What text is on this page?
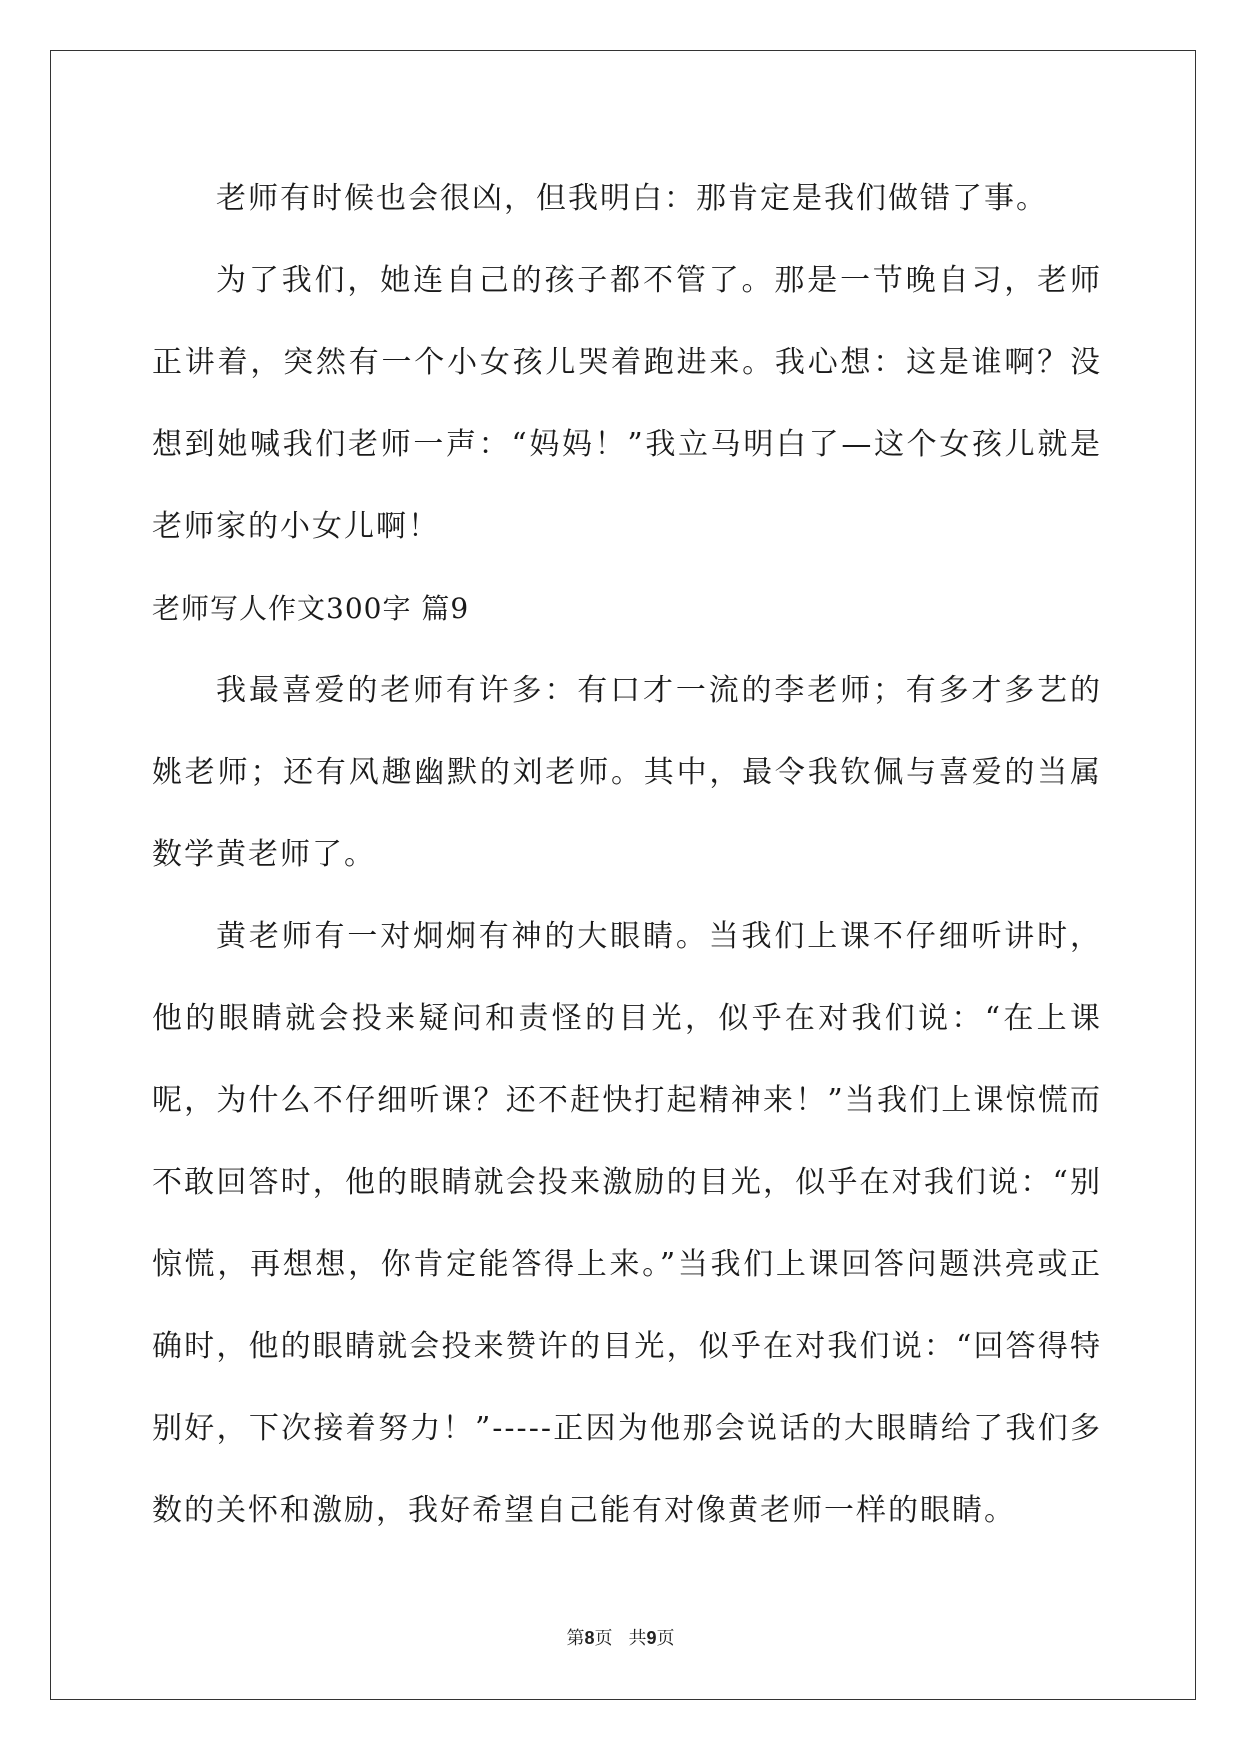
老师有时候也会很凶，但我明白：那肯定是我们做错了事。

为了我们，她连自己的孩子都不管了。那是一节晚自习，老师正讲着，突然有一个小女孩儿哭着跑进来。我心想：这是谁啊？没想到她喊我们老师一声：“妈妈！”我立马明白了—这个女孩儿就是老师家的小女儿啊！

老师写人作文300字 篇9

我最喜爱的老师有许多：有口才一流的李老师；有多才多艺的姚老师；还有风趣幽默的刘老师。其中，最令我钦佩与喜爱的当属数学黄老师了。

黄老师有一对炯炯有神的大眼睛。当我们上课不仔细听讲时，他的眼睛就会投来疑问和责怪的目光，似乎在对我们说：“在上课呢，为什么不仔细听课？还不赶快打起精神来！”当我们上课惊慌而不敢回答时，他的眼睛就会投来激励的目光，似乎在对我们说：“别惊慌，再想想，你肯定能答得上来。”当我们上课回答问题洪亮或正确时，他的眼睛就会投来赞许的目光，似乎在对我们说：“回答得特别好，下次接着努力！”-----正因为他那会说话的大眼睛给了我们多数的关怀和激励，我好希望自己能有对像黄老师一样的眼睛。

第8页 共9页
